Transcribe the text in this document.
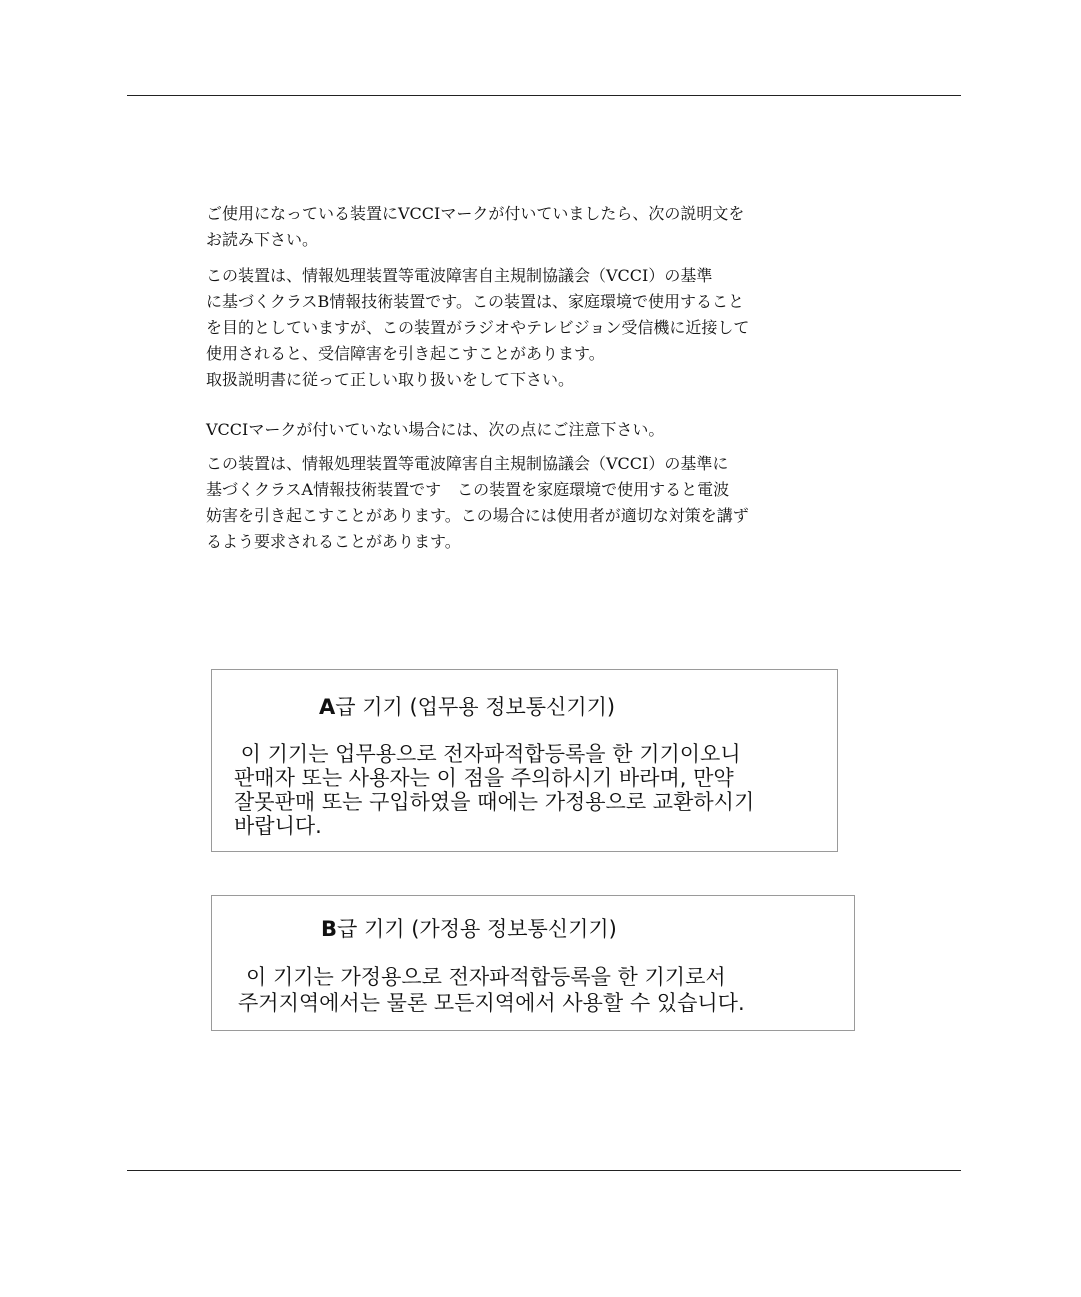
ご使用になっている装置にVCCIマークが付いていましたら、次の説明文を

お読み下さい。

この装置は、情報処理装置等電波障害自主規制協議会（VCCI）の基準

に基づくクラスB情報技術装置です。この装置は、家庭環境で使用すること

を目的としていますが、この装置がラジオやテレビジョン受信機に近接して

使用されると、受信障害を引き起こすことがあります。

取扱説明書に従って正しい取り扱いをして下さい。

VCCIマークが付いていない場合には、次の点にご注意下さい。

この装置は、情報処理装置等電波障害自主規制協議会（VCCI）の基準に

基づくクラスA情報技術装置です　この装置を家庭環境で使用すると電波

妨害を引き起こすことがあります。この場合には使用者が適切な対策を講ず

るよう要求されることがあります。

A급 기기 (업무용 정보통신기기)
이 기기는 업무용으로 전자파적합등록을 한 기기이오니
판매자 또는 사용자는 이 점을 주의하시기 바라며, 만약
잘못판매 또는 구입하였을 때에는 가정용으로 교환하시기
바랍니다.
B급 기기 (가정용 정보통신기기)
이 기기는 가정용으로 전자파적합등록을 한 기기로서
주거지역에서는 물론 모든지역에서 사용할 수 있습니다.
